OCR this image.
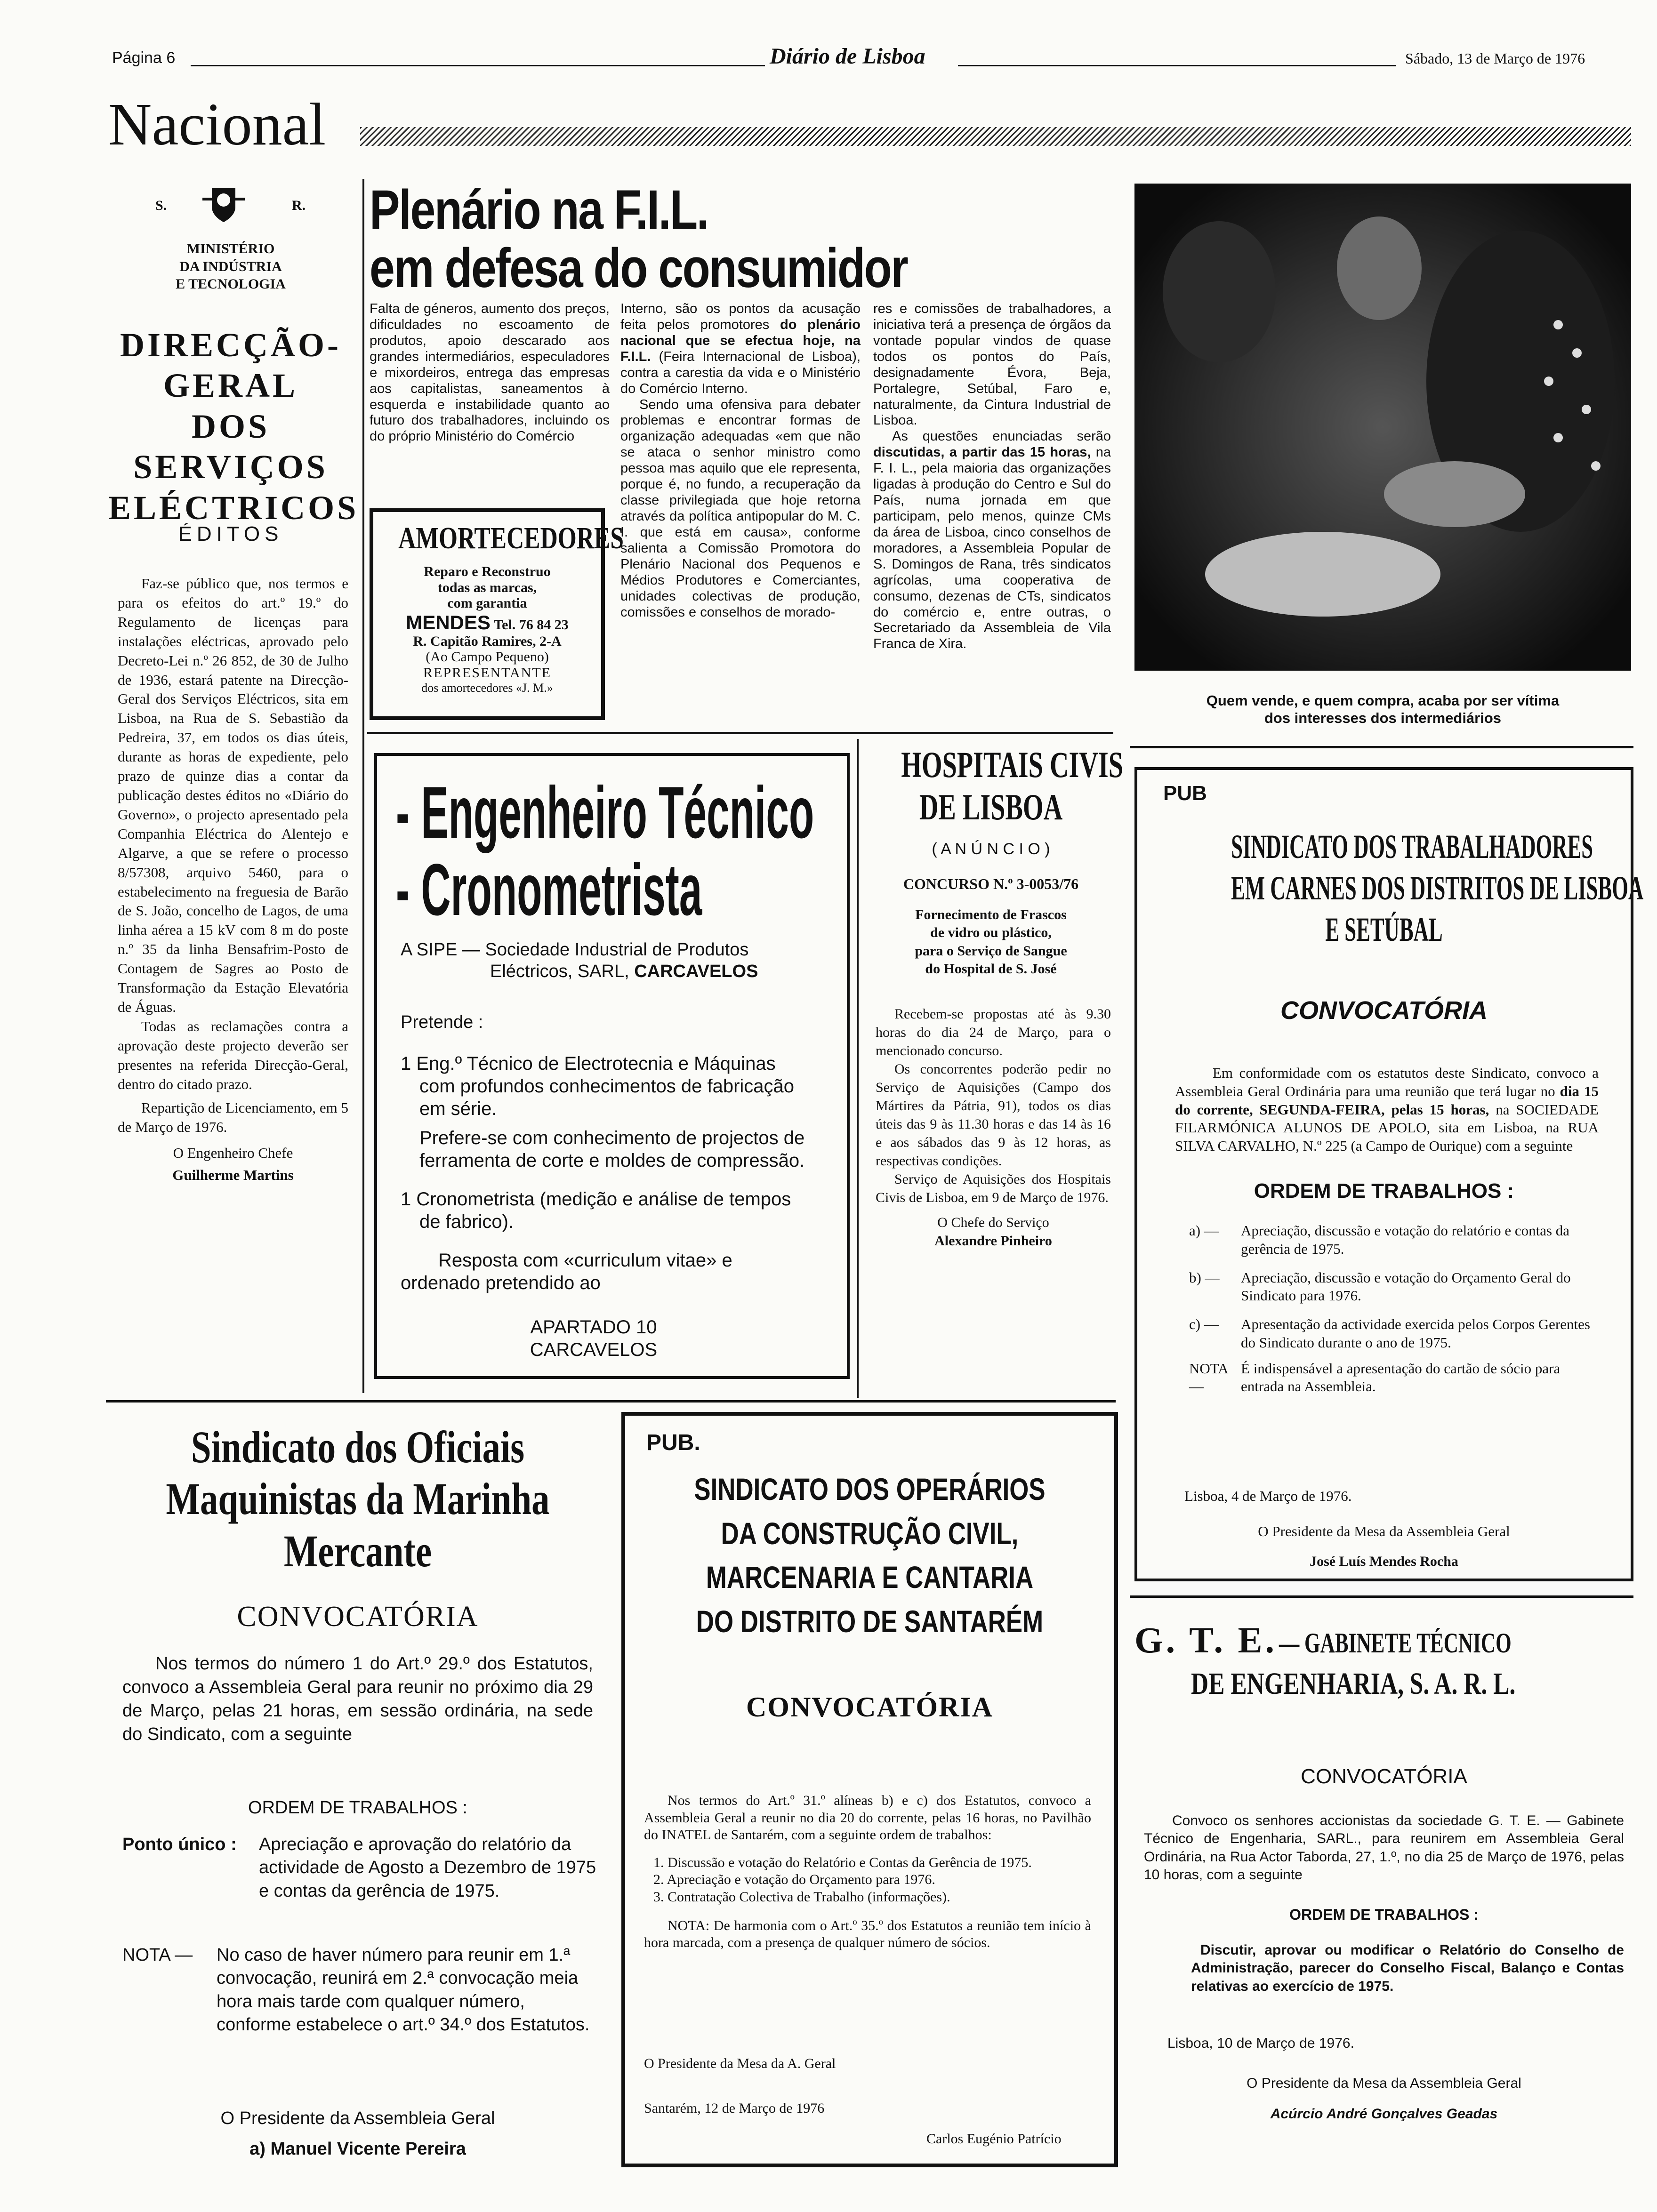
Página 6	Diário de Lisboa	Sábado, 13 de Março de 1976
Nacional
S.	R.
MINISTÉRIO
DA INDÚSTRIA
E TECNOLOGIA
DIRECÇÃO-GERAL
DOS SERVIÇOS
ELÉCTRICOS
ÉDITOS

Faz-se público que, nos termos e para os efeitos do art.º 19.º do Regulamento de licenças para instalações eléctricas, aprovado pelo Decreto-Lei n.º 26 852, de 30 de Julho de 1936, estará patente na Direcção-Geral dos Serviços Eléctricos, sita em Lisboa, na Rua de S. Sebastião da Pedreira, 37, em todos os dias úteis, durante as horas de expediente, pelo prazo de quinze dias a contar da publicação destes éditos no «Diário do Governo», o projecto apresentado pela Companhia Eléctrica do Alentejo e Algarve, a que se refere o processo 8/57308, arquivo 5460, para o estabelecimento na freguesia de Barão de S. João, concelho de Lagos, de uma linha aérea a 15 kV com 8 m do poste n.º 35 da linha Bensafrim-Posto de Contagem de Sagres ao Posto de Transformação da Estação Elevatória de Águas.

Todas as reclamações contra a aprovação deste projecto deverão ser presentes na referida Direcção-Geral, dentro do citado prazo.

Repartição de Licenciamento, em 5 de Março de 1976.

O Engenheiro Chefe

Guilherme Martins

Plenário na F.I.L.
em defesa do consumidor
Falta de géneros, aumento dos preços, dificuldades no escoamento de produtos, apoio descarado aos grandes intermediários, especuladores e mixordeiros, entrega das empresas aos capitalistas, saneamentos à esquerda e instabilidade quanto ao futuro dos trabalhadores, incluindo os do próprio Ministério do Comércio
Interno, são os pontos da acusação feita pelos promotores do plenário nacional que se efectua hoje, na F.I.L. (Feira Internacional de Lisboa), contra a carestia da vida e o Ministério do Comércio Interno.

Sendo uma ofensiva para debater problemas e encontrar formas de organização adequadas «em que não se ataca o senhor ministro como pessoa mas aquilo que ele representa, porque é, no fundo, a recuperação da classe privilegiada que hoje retorna através da política antipopular do M. C. I. que está em causa», conforme salienta a Comissão Promotora do Plenário Nacional dos Pequenos e Médios Produtores e Comerciantes, unidades colectivas de produção, comissões e conselhos de morado-

res e comissões de trabalhadores, a iniciativa terá a presença de órgãos da vontade popular vindos de quase todos os pontos do País, designadamente Évora, Beja, Portalegre, Setúbal, Faro e, naturalmente, da Cintura Industrial de Lisboa.

As questões enunciadas serão discutidas, a partir das 15 horas, na F. I. L., pela maioria das organizações ligadas à produção do Centro e Sul do País, numa jornada em que participam, pelo menos, quinze CMs da área de Lisboa, cinco conselhos de moradores, a Assembleia Popular de S. Domingos de Rana, três sindicatos agrícolas, uma cooperativa de consumo, dezenas de CTs, sindicatos do comércio e, entre outras, o Secretariado da Assembleia de Vila Franca de Xira.

AMORTECEDORES
Reparo e Reconstruo
todas as marcas,
com garantia
MENDES Tel. 76 84 23
R. Capitão Ramires, 2-A
(Ao Campo Pequeno)
REPRESENTANTE
dos amortecedores «J. M.»
Quem vende, e quem compra, acaba por ser vítima
dos interesses dos intermediários
- Engenheiro Técnico
- Cronometrista
A SIPE — Sociedade Industrial de Produtos
Eléctricos, SARL, CARCAVELOS
Pretende :

1 Eng.º Técnico de Electrotecnia e Máquinas com profundos conhecimentos de fabricação em série.

Prefere-se com conhecimento de projectos de ferramenta de corte e moldes de compressão.

1 Cronometrista (medição e análise de tempos de fabrico).

Resposta com «curriculum vitae» e ordenado pretendido ao

APARTADO 10
CARCAVELOS
HOSPITAIS CIVIS
DE LISBOA
( A N Ú N C I O )
CONCURSO N.º 3-0053/76
Fornecimento de Frascos
de vidro ou plástico,
para o Serviço de Sangue
do Hospital de S. José

Recebem-se propostas até às 9.30 horas do dia 24 de Março, para o mencionado concurso.

Os concorrentes poderão pedir no Serviço de Aquisições (Campo dos Mártires da Pátria, 91), todos os dias úteis das 9 às 11.30 horas e das 14 às 16 e aos sábados das 9 às 12 horas, as respectivas condições.

Serviço de Aquisições dos Hospitais Civis de Lisboa, em 9 de Março de 1976.

O Chefe do Serviço

Alexandre Pinheiro

PUB
SINDICATO DOS TRABALHADORES
EM CARNES DOS DISTRITOS DE LISBOA
E SETÚBAL
CONVOCATÓRIA

Em conformidade com os estatutos deste Sindicato, convoco a Assembleia Geral Ordinária para uma reunião que terá lugar no dia 15 do corrente, SEGUNDA-FEIRA, pelas 15 horas, na SOCIEDADE FILARMÓNICA ALUNOS DE APOLO, sita em Lisboa, na RUA SILVA CARVALHO, N.º 225 (a Campo de Ourique) com a seguinte

ORDEM DE TRABALHOS :
a) —	Apreciação, discussão e votação do relatório e contas da gerência de 1975.
b) —	Apreciação, discussão e votação do Orçamento Geral do Sindicato para 1976.
c) —	Apresentação da actividade exercida pelos Corpos Gerentes do Sindicato durante o ano de 1975.
NOTA —
É indispensável a apresentação do cartão de sócio para entrada na Assembleia.
Lisboa, 4 de Março de 1976.
O Presidente da Mesa da Assembleia Geral
José Luís Mendes Rocha
Sindicato dos Oficiais
Maquinistas da Marinha
Mercante
CONVOCATÓRIA
Nos termos do número 1 do Art.º 29.º dos Estatutos, convoco a Assembleia Geral para reunir no próximo dia 29 de Março, pelas 21 horas, em sessão ordinária, na sede do Sindicato, com a seguinte
ORDEM DE TRABALHOS :
Ponto único :	Apreciação e aprovação do relatório da actividade de Agosto a Dezembro de 1975 e contas da gerência de 1975.
NOTA —	No caso de haver número para reunir em 1.ª convocação, reunirá em 2.ª convocação meia hora mais tarde com qualquer número, conforme estabelece o art.º 34.º dos Estatutos.
O Presidente da Assembleia Geral
a) Manuel Vicente Pereira
PUB.
SINDICATO DOS OPERÁRIOS
DA CONSTRUÇÃO CIVIL,
MARCENARIA E CANTARIA
DO DISTRITO DE SANTARÉM
CONVOCATÓRIA

Nos termos do Art.º 31.º alíneas b) e c) dos Estatutos, convoco a Assembleia Geral a reunir no dia 20 do corrente, pelas 16 horas, no Pavilhão do INATEL de Santarém, com a seguinte ordem de trabalhos:

1. Discussão e votação do Relatório e Contas da Gerência de 1975.

2. Apreciação e votação do Orçamento para 1976.

3. Contratação Colectiva de Trabalho (informações).

NOTA: De harmonia com o Art.º 35.º dos Estatutos a reunião tem início à hora marcada, com a presença de qualquer número de sócios.

O Presidente da Mesa da A. Geral
Santarém, 12 de Março de 1976
Carlos Eugénio Patrício
G. T. E. — GABINETE TÉCNICO
DE ENGENHARIA, S. A. R. L.
CONVOCATÓRIA
Convoco os senhores accionistas da sociedade G. T. E. — Gabinete Técnico de Engenharia, SARL., para reunirem em Assembleia Geral Ordinária, na Rua Actor Taborda, 27, 1.º, no dia 25 de Março de 1976, pelas 10 horas, com a seguinte
ORDEM DE TRABALHOS :
Discutir, aprovar ou modificar o Relatório do Conselho de Administração, parecer do Conselho Fiscal, Balanço e Contas relativas ao exercício de 1975.
Lisboa, 10 de Março de 1976.
O Presidente da Mesa da Assembleia Geral
Acúrcio André Gonçalves Geadas
